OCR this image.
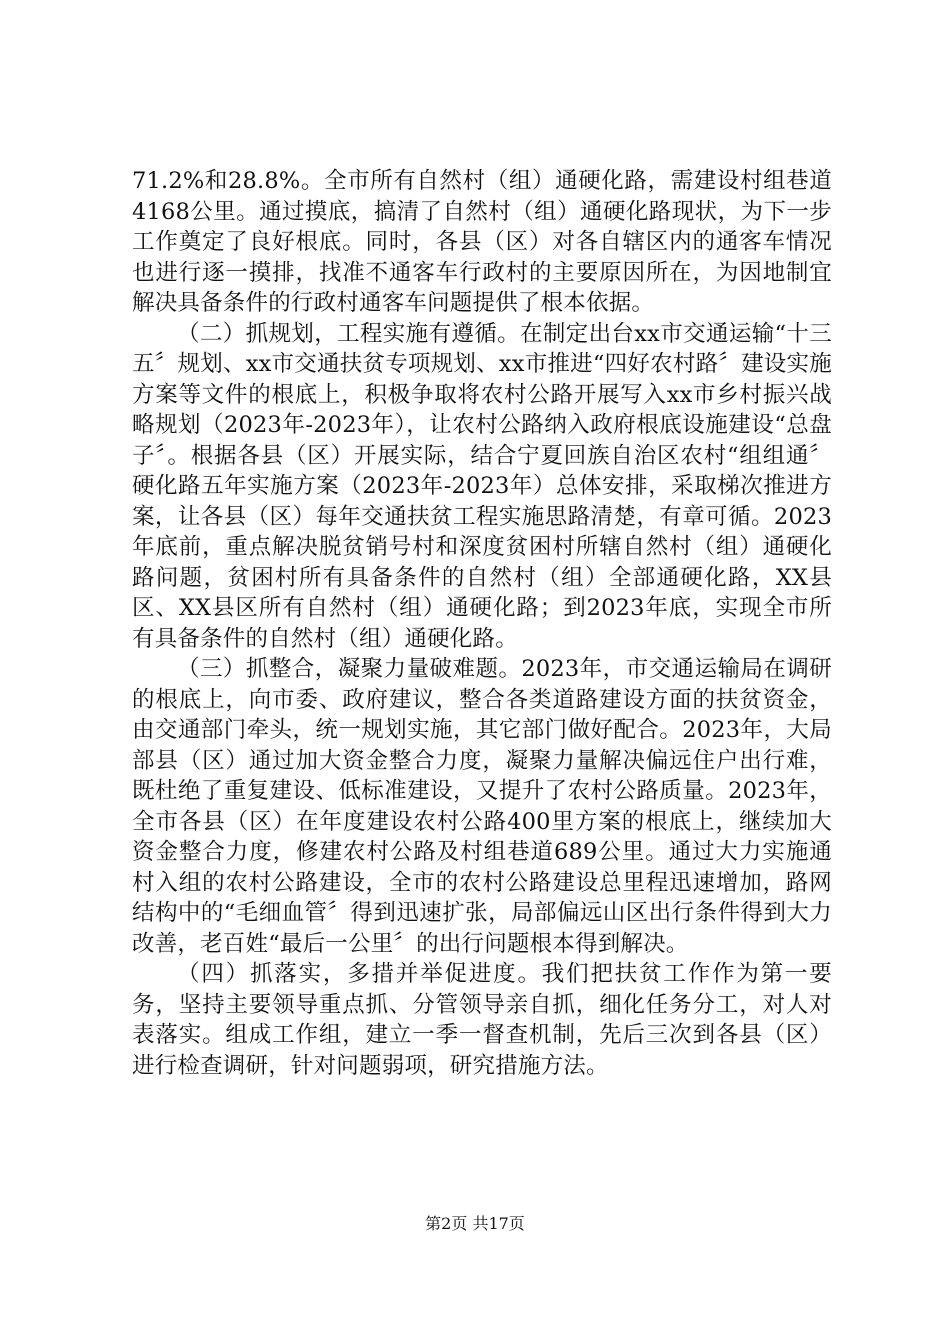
71.2%和28.8%。全市所有自然村（组）通硬化路，需建设村组巷道4168公里。通过摸底，搞清了自然村（组）通硬化路现状，为下一步工作奠定了良好根底。同时，各县（区）对各自辖区内的通客车情况也进行逐一摸排，找准不通客车行政村的主要原因所在，为因地制宜解决具备条件的行政村通客车问题提供了根本依据。

（二）抓规划，工程实施有遵循。在制定出台xx市交通运输“十三五〞规划、xx市交通扶贫专项规划、xx市推进“四好农村路〞建设实施方案等文件的根底上，积极争取将农村公路开展写入xx市乡村振兴战略规划（2023年-2023年），让农村公路纳入政府根底设施建设“总盘子〞。根据各县（区）开展实际，结合宁夏回族自治区农村“组组通〞硬化路五年实施方案（2023年-2023年）总体安排，采取梯次推进方案，让各县（区）每年交通扶贫工程实施思路清楚，有章可循。2023年底前，重点解决脱贫销号村和深度贫困村所辖自然村（组）通硬化路问题，贫困村所有具备条件的自然村（组）全部通硬化路，XX县区、XX县区所有自然村（组）通硬化路；到2023年底，实现全市所有具备条件的自然村（组）通硬化路。

（三）抓整合，凝聚力量破难题。2023年，市交通运输局在调研的根底上，向市委、政府建议，整合各类道路建设方面的扶贫资金，由交通部门牵头，统一规划实施，其它部门做好配合。2023年，大局部县（区）通过加大资金整合力度，凝聚力量解决偏远住户出行难，既杜绝了重复建设、低标准建设，又提升了农村公路质量。2023年，全市各县（区）在年度建设农村公路400里方案的根底上，继续加大资金整合力度，修建农村公路及村组巷道689公里。通过大力实施通村入组的农村公路建设，全市的农村公路建设总里程迅速增加，路网结构中的“毛细血管〞得到迅速扩张，局部偏远山区出行条件得到大力改善，老百姓“最后一公里〞的出行问题根本得到解决。

（四）抓落实，多措并举促进度。我们把扶贫工作作为第一要务，坚持主要领导重点抓、分管领导亲自抓，细化任务分工，对人对表落实。组成工作组，建立一季一督查机制，先后三次到各县（区）进行检查调研，针对问题弱项，研究措施方法。

第2页 共17页
